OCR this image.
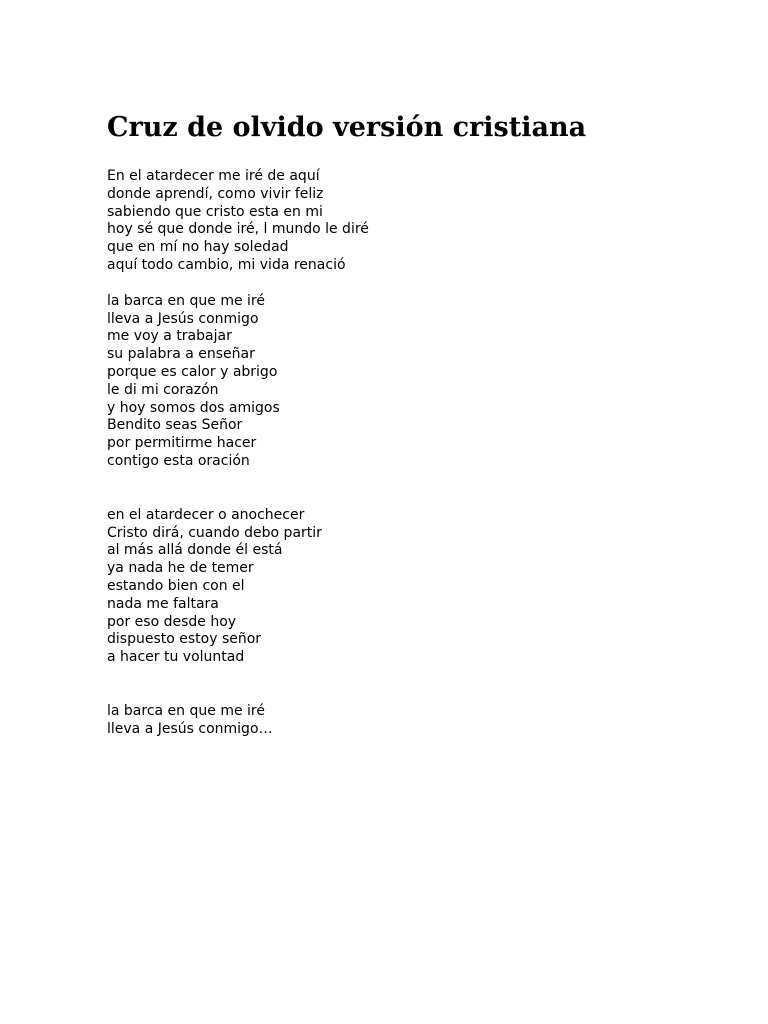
Cruz de olvido versión cristiana
En el atardecer me iré de aquí
donde aprendí, como vivir feliz
sabiendo que cristo esta en mi
hoy sé que donde iré, l mundo le diré
que en mí no hay soledad
aquí todo cambio, mi vida renació
la barca en que me iré
lleva a Jesús conmigo
me voy a trabajar
su palabra a enseñar
porque es calor y abrigo
le di mi corazón
y hoy somos dos amigos
Bendito seas Señor
por permitirme hacer
contigo esta oración
en el atardecer o anochecer
Cristo dirá, cuando debo partir
al más allá donde él está
ya nada he de temer
estando bien con el
nada me faltara
por eso desde hoy
dispuesto estoy señor
a hacer tu voluntad
la barca en que me iré
lleva a Jesús conmigo…
